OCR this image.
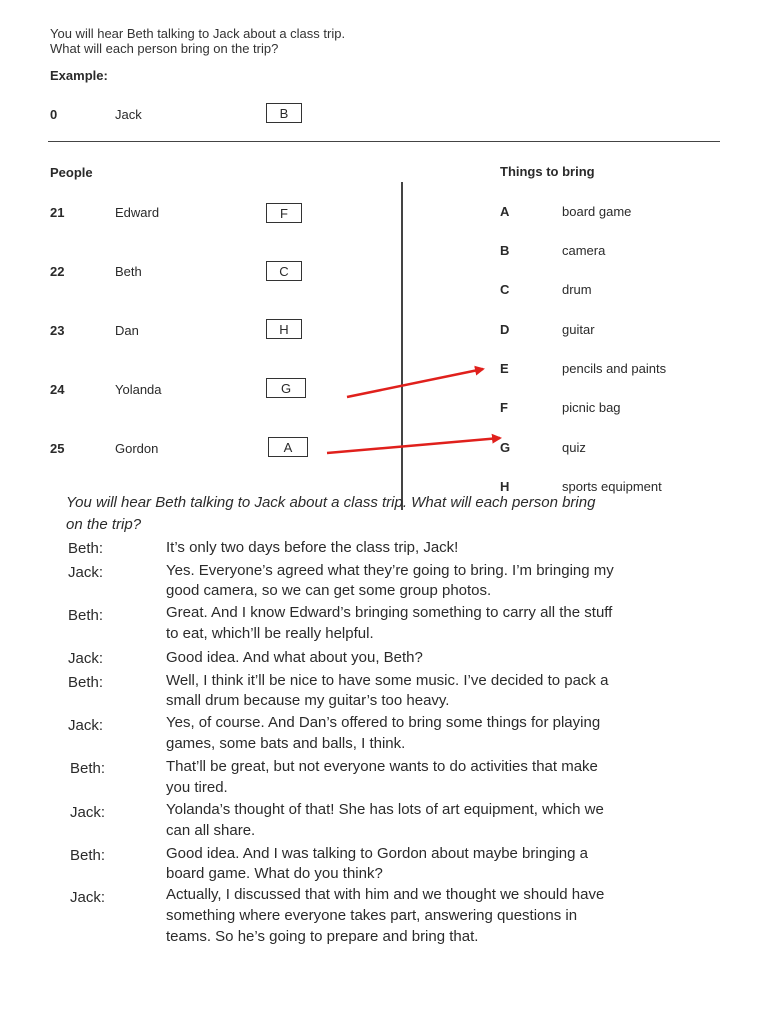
You will hear Beth talking to Jack about a class trip.
What will each person bring on the trip?
Example:
0	Jack	B
People
21	Edward	F
22	Beth	C
23	Dan	H
24	Yolanda	G
25	Gordon	A
Things to bring
A	board game
B	camera
C	drum
D	guitar
E	pencils and paints
F	picnic bag
G	quiz
H	sports equipment
You will hear Beth talking to Jack about a class trip. What will each person bring
on the trip?
Beth:	It’s only two days before the class trip, Jack!
Jack:	Yes. Everyone’s agreed what they’re going to bring. I’m bringing my
good camera, so we can get some group photos.
Beth:	Great. And I know Edward’s bringing something to carry all the stuff
to eat, which’ll be really helpful.
Jack:	Good idea. And what about you, Beth?
Beth:	Well, I think it’ll be nice to have some music. I’ve decided to pack a
small drum because my guitar’s too heavy.
Jack:	Yes, of course. And Dan’s offered to bring some things for playing
games, some bats and balls, I think.
Beth:	That’ll be great, but not everyone wants to do activities that make
you tired.
Jack:	Yolanda’s thought of that! She has lots of art equipment, which we
can all share.
Beth:	Good idea. And I was talking to Gordon about maybe bringing a
board game. What do you think?
Jack:	Actually, I discussed that with him and we thought we should have
something where everyone takes part, answering questions in
teams. So he’s going to prepare and bring that.
